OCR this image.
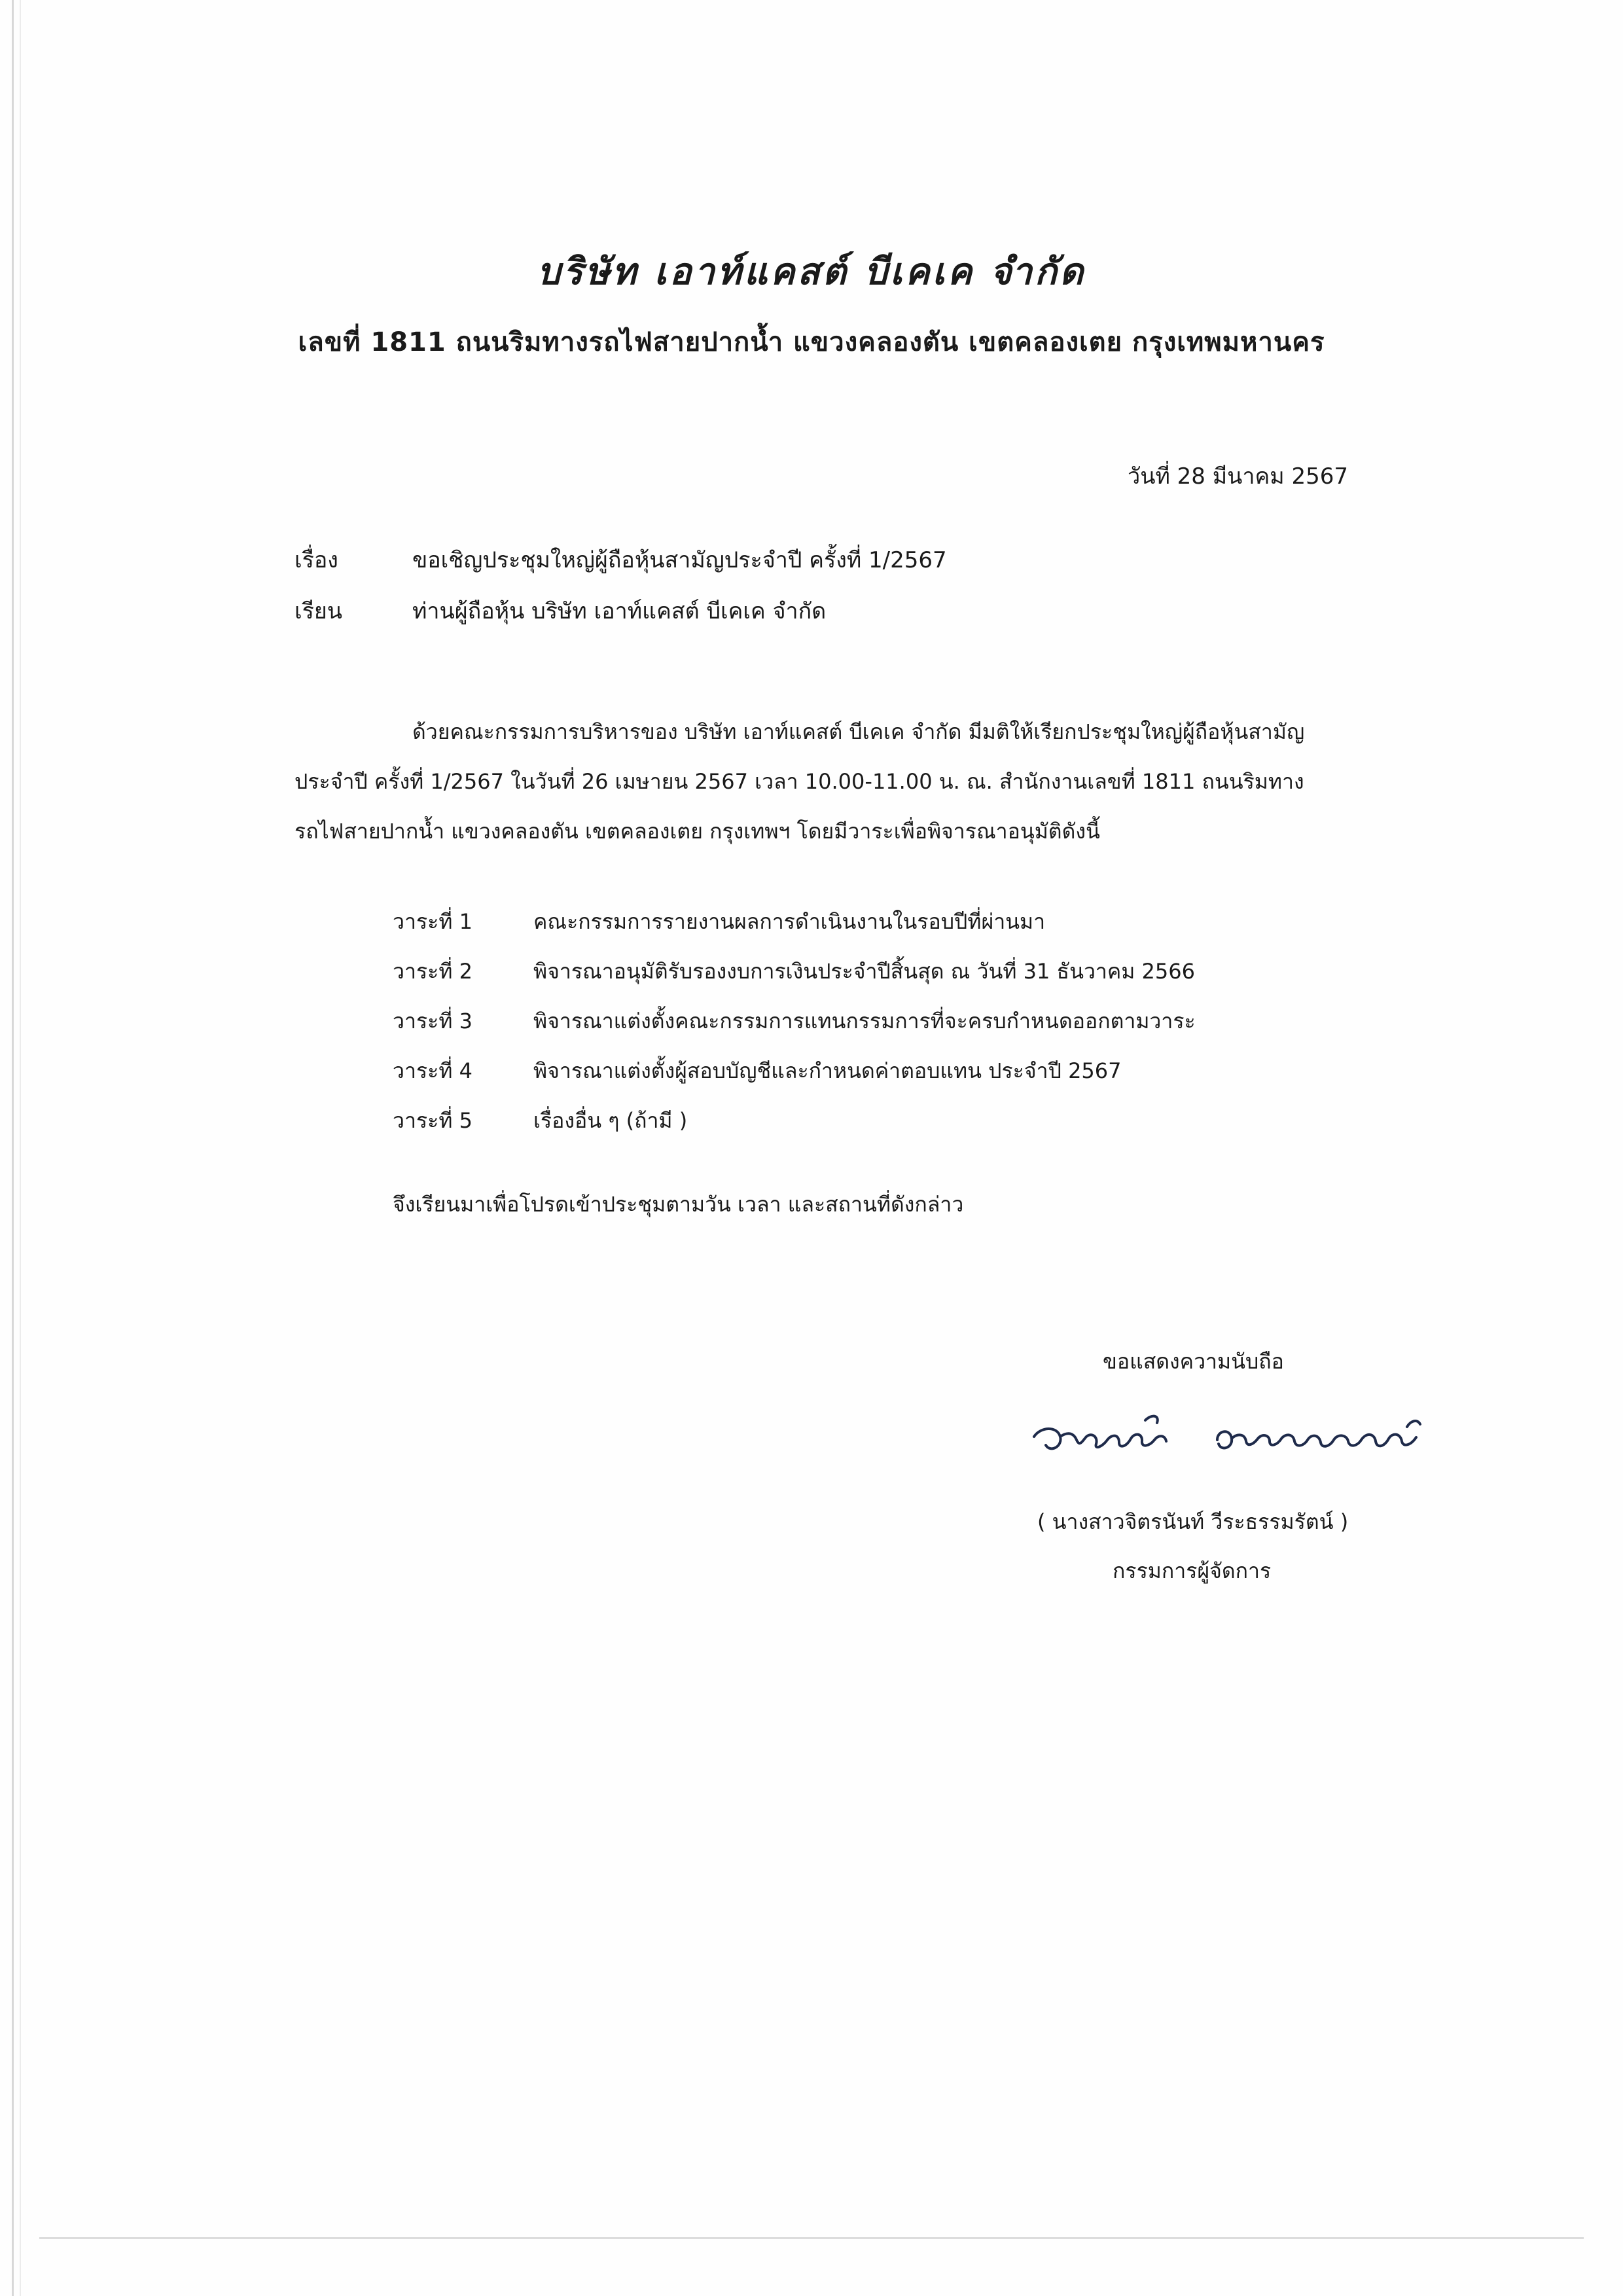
บริษัท เอาท์แคสต์ บีเคเค จำกัด
เลขที่ 1811 ถนนริมทางรถไฟสายปากน้ำ แขวงคลองตัน เขตคลองเตย กรุงเทพมหานคร
วันที่ 28 มีนาคม 2567
เรื่อง	ขอเชิญประชุมใหญ่ผู้ถือหุ้นสามัญประจำปี ครั้งที่ 1/2567
เรียน	ท่านผู้ถือหุ้น บริษัท เอาท์แคสต์ บีเคเค จำกัด
ด้วยคณะกรรมการบริหารของ บริษัท เอาท์แคสต์ บีเคเค จำกัด มีมติให้เรียกประชุมใหญ่ผู้ถือหุ้นสามัญ
ประจำปี ครั้งที่ 1/2567 ในวันที่ 26 เมษายน 2567 เวลา 10.00-11.00 น. ณ. สำนักงานเลขที่ 1811 ถนนริมทาง
รถไฟสายปากน้ำ แขวงคลองตัน เขตคลองเตย กรุงเทพฯ โดยมีวาระเพื่อพิจารณาอนุมัติดังนี้
วาระที่ 1	คณะกรรมการรายงานผลการดำเนินงานในรอบปีที่ผ่านมา
วาระที่ 2	พิจารณาอนุมัติรับรองงบการเงินประจำปีสิ้นสุด ณ วันที่ 31 ธันวาคม 2566
วาระที่ 3	พิจารณาแต่งตั้งคณะกรรมการแทนกรรมการที่จะครบกำหนดออกตามวาระ
วาระที่ 4	พิจารณาแต่งตั้งผู้สอบบัญชีและกำหนดค่าตอบแทน ประจำปี 2567
วาระที่ 5	เรื่องอื่น ๆ (ถ้ามี )
จึงเรียนมาเพื่อโปรดเข้าประชุมตามวัน เวลา และสถานที่ดังกล่าว
ขอแสดงความนับถือ
( นางสาวจิตรนันท์ วีระธรรมรัตน์ )
กรรมการผู้จัดการ
